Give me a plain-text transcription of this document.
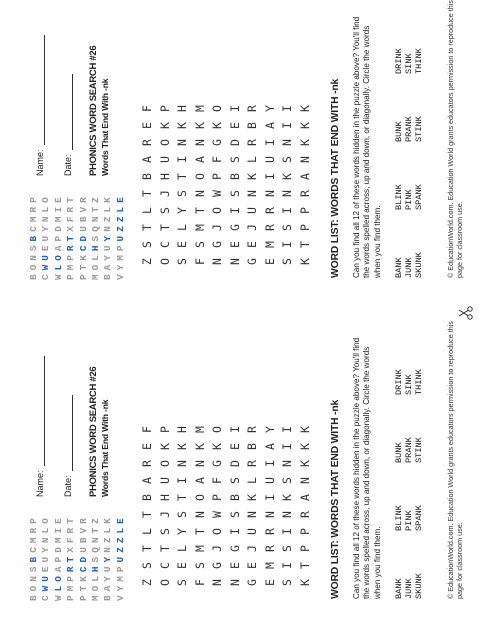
BONSBCMRP
CWUEUYNLO
WLOAPDMIE
PMPRTXFRT
PTKCDUBVR
MOLHSQNTZ
BAYUYNZLK
VYMPUZZLE
Name: Date: PHONICS WORD SEARCH #26 Words That End With -nk
ZSTLTBAREF
OCTSJHUOKP
SELYSTINKH
FSMTNOANKM
NGJOWPFGKO
NEGISBSDEI
GEJUNKLRBR
EMRRNIUIAY
SISINKSNII
KTPPRANKKK	WORD LIST: WORDS THAT END WITH -nk Can you find all 12 of these words hidden in the puzzle above? You'll find the words spelled across, up and down, or diagonally. Circle the words when you find them. BANK JUNK SKUNK
BLINK PINK SPANK
BUNK PRANK STINK
DRINK SINK THINK	© EducationWorld.com. Education World grants educators permission to reproduce this page for classroom use.
BONSBCMRP
CWUEUYNLO
WLOAPDMIE
PMPRTXFRT
PTKCDUBVR
MOLHSQNTZ
BAYUYNZLK
VYMPUZZLE
Name: Date: PHONICS WORD SEARCH #26 Words That End With -nk
ZSTLTBAREF
OCTSJHUOKP
SELYSTINKH
FSMTNOANKM
NGJOWPFGKO
NEGISBSDEI
GEJUNKLRBR
EMRRNIUIAY
SISINKSNII
KTPPRANKKK	WORD LIST: WORDS THAT END WITH -nk Can you find all 12 of these words hidden in the puzzle above? You'll find the words spelled across, up and down, or diagonally. Circle the words when you find them. BANK JUNK SKUNK
BLINK PINK SPANK
BUNK PRANK STINK
DRINK SINK THINK	© EducationWorld.com. Education World grants educators permission to reproduce this page for classroom use.
